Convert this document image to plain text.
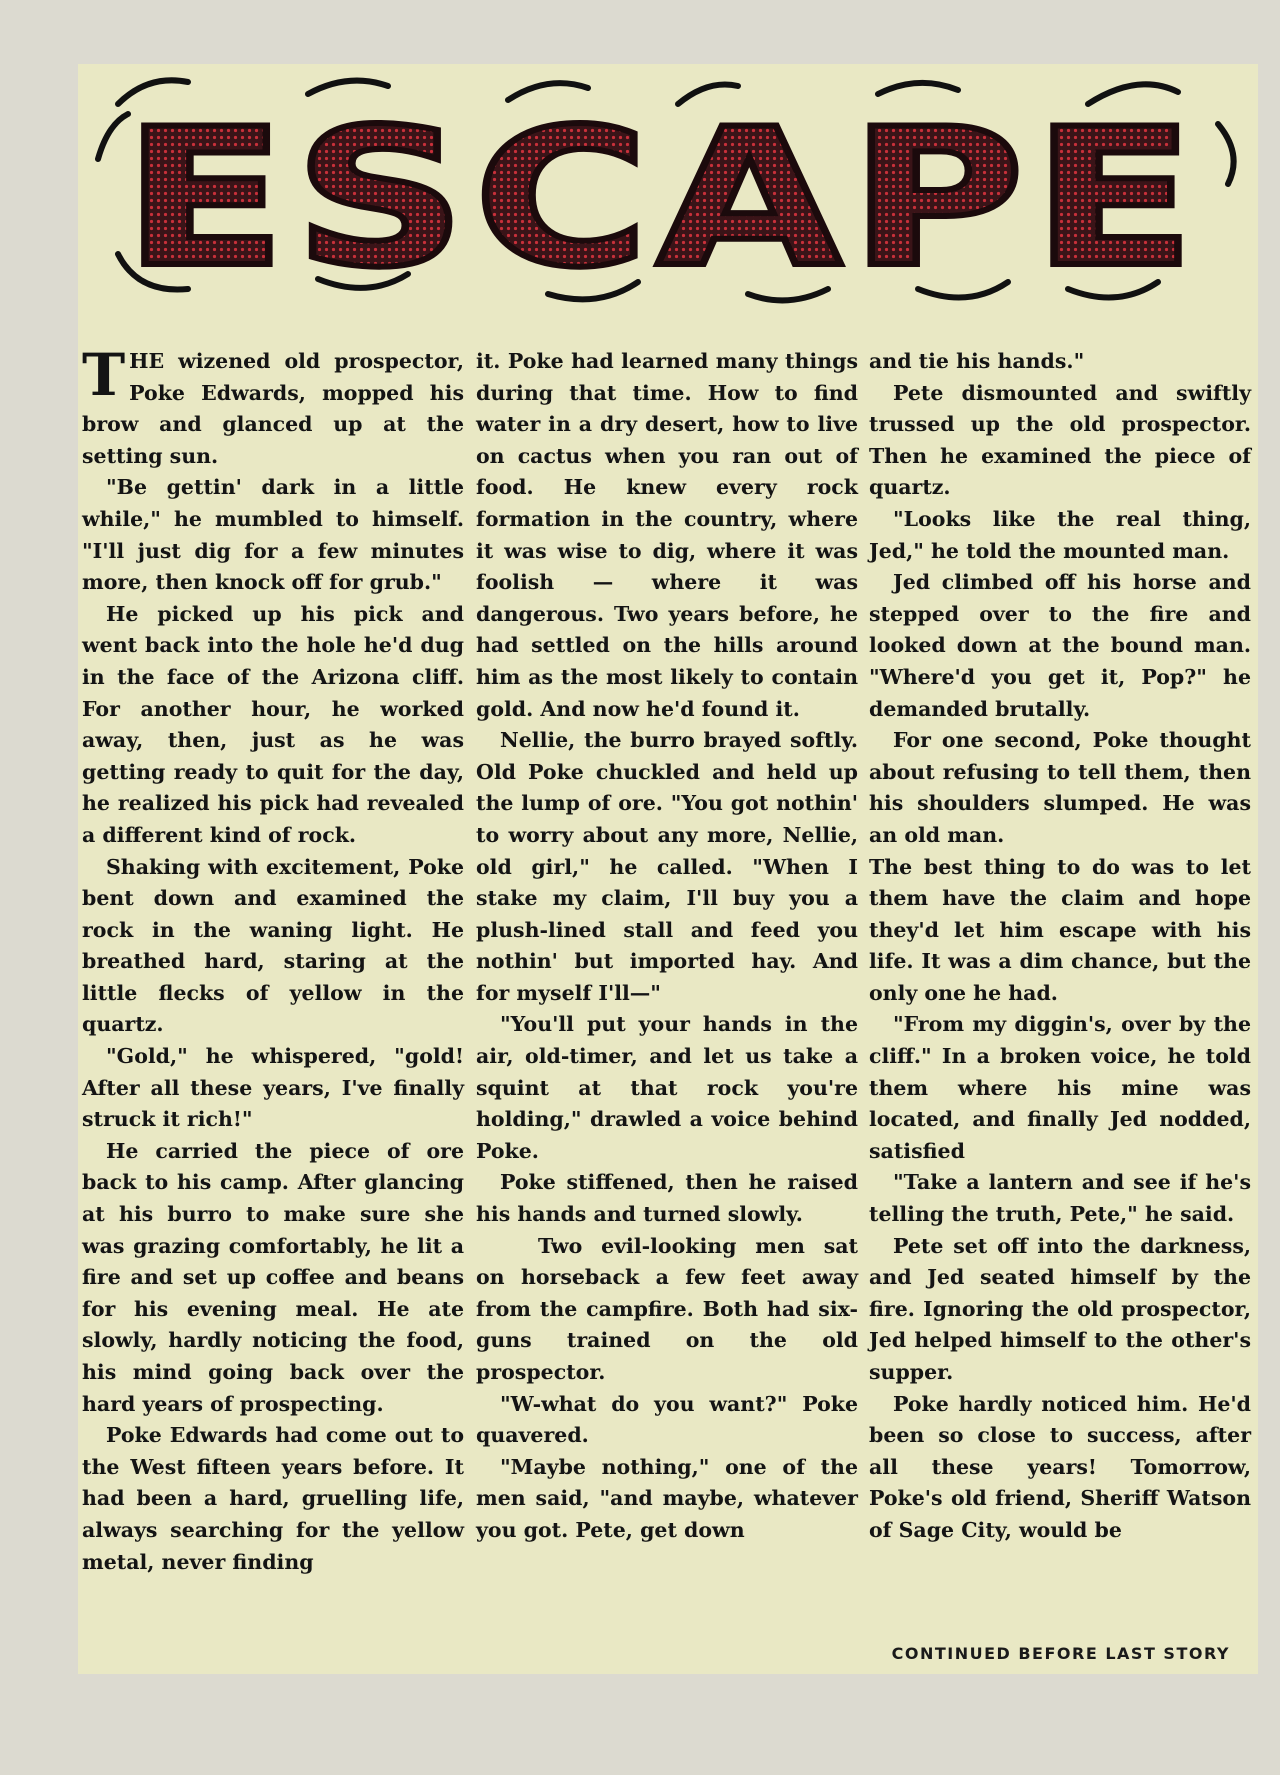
ESCAPE

THE wizened old prospector, Poke Edwards, mopped his brow and glanced up at the setting sun.

"Be gettin' dark in a little while," he mumbled to himself. "I'll just dig for a few minutes more, then knock off for grub."

He picked up his pick and went back into the hole he'd dug in the face of the Arizona cliff. For another hour, he worked away, then, just as he was getting ready to quit for the day, he realized his pick had revealed a different kind of rock.

Shaking with excitement, Poke bent down and examined the rock in the waning light. He breathed hard, staring at the little flecks of yellow in the quartz.

"Gold," he whispered, "gold! After all these years, I've finally struck it rich!"

He carried the piece of ore back to his camp. After glancing at his burro to make sure she was grazing comfortably, he lit a fire and set up coffee and beans for his evening meal. He ate slowly, hardly noticing the food, his mind going back over the hard years of prospecting.

Poke Edwards had come out to the West fifteen years before. It had been a hard, gruelling life, always searching for the yellow metal, never finding

it. Poke had learned many things during that time. How to find water in a dry desert, how to live on cactus when you ran out of food. He knew every rock formation in the country, where it was wise to dig, where it was foolish — where it was dangerous. Two years before, he had settled on the hills around him as the most likely to contain gold. And now he'd found it.

Nellie, the burro brayed softly. Old Poke chuckled and held up the lump of ore. "You got nothin' to worry about any more, Nellie, old girl," he called. "When I stake my claim, I'll buy you a plush-lined stall and feed you nothin' but imported hay. And for myself I'll—"

"You'll put your hands in the air, old-timer, and let us take a squint at that rock you're holding," drawled a voice behind Poke.

Poke stiffened, then he raised his hands and turned slowly.

Two evil-looking men sat on horseback a few feet away from the campfire. Both had six-guns trained on the old prospector.

"W-what do you want?" Poke quavered.

"Maybe nothing," one of the men said, "and maybe, whatever you got. Pete, get down

and tie his hands."

Pete dismounted and swiftly trussed up the old prospector. Then he examined the piece of quartz.

"Looks like the real thing, Jed," he told the mounted man.

Jed climbed off his horse and stepped over to the fire and looked down at the bound man. "Where'd you get it, Pop?" he demanded brutally.

For one second, Poke thought about refusing to tell them, then his shoulders slumped. He was an old man.

The best thing to do was to let them have the claim and hope they'd let him escape with his life. It was a dim chance, but the only one he had.

"From my diggin's, over by the cliff." In a broken voice, he told them where his mine was located, and finally Jed nodded, satisfied

"Take a lantern and see if he's telling the truth, Pete," he said.

Pete set off into the darkness, and Jed seated himself by the fire. Ignoring the old prospector, Jed helped himself to the other's supper.

Poke hardly noticed him. He'd been so close to success, after all these years! Tomorrow, Poke's old friend, Sheriff Watson of Sage City, would be

CONTINUED BEFORE LAST STORY
